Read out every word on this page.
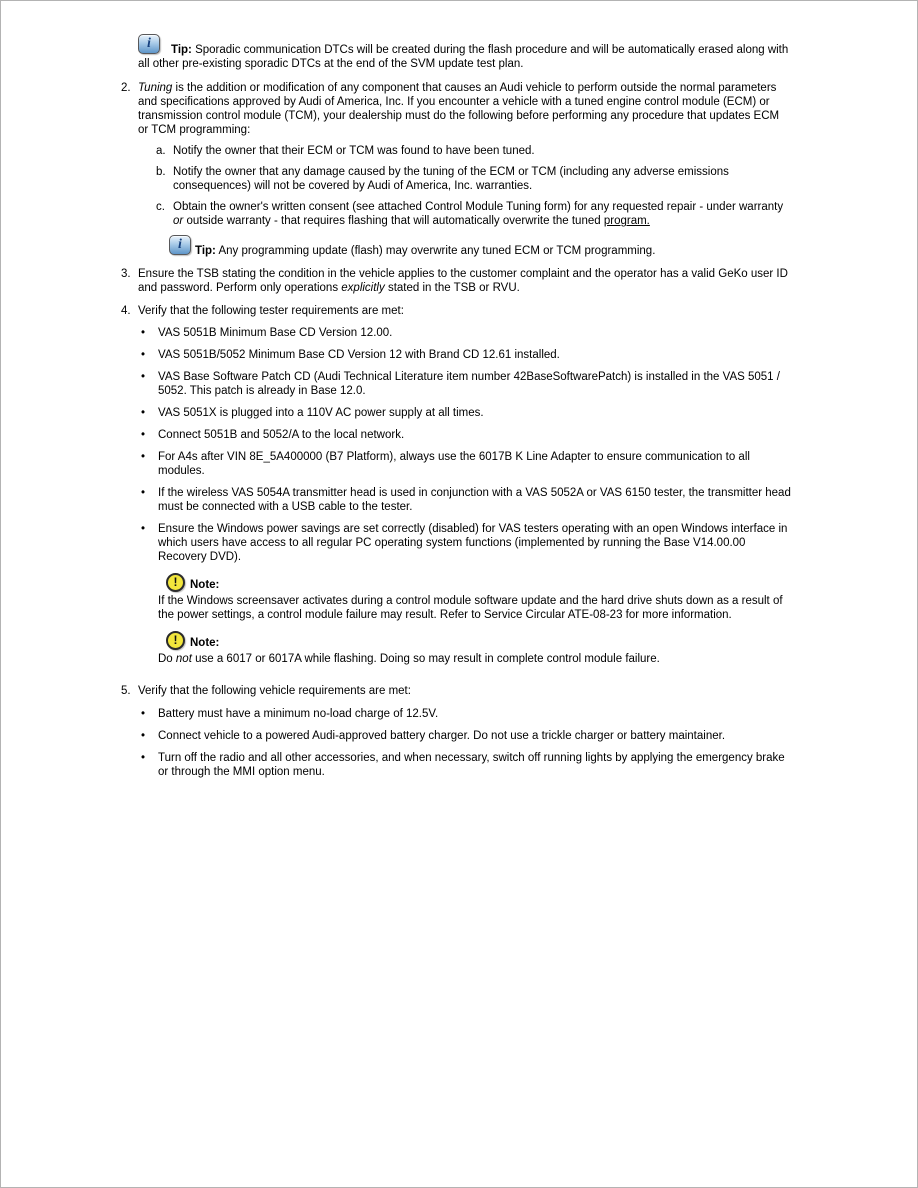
i	Tip: Sporadic communication DTCs will be created during the flash procedure and will be automatically erased along with all other pre-existing sporadic DTCs at the end of the SVM update test plan.

2. Tuning is the addition or modification of any component that causes an Audi vehicle to perform outside the normal parameters and specifications approved by Audi of America, Inc. If you encounter a vehicle with a tuned engine control module (ECM) or transmission control module (TCM), your dealership must do the following before performing any procedure that updates ECM or TCM programming:

a. Notify the owner that their ECM or TCM was found to have been tuned.

b. Notify the owner that any damage caused by the tuning of the ECM or TCM (including any adverse emissions consequences) will not be covered by Audi of America, Inc. warranties.

c. Obtain the owner's written consent (see attached Control Module Tuning form) for any requested repair - under warranty or outside warranty - that requires flashing that will automatically overwrite the tuned program.

i	Tip: Any programming update (flash) may overwrite any tuned ECM or TCM programming.

3. Ensure the TSB stating the condition in the vehicle applies to the customer complaint and the operator has a valid GeKo user ID and password. Perform only operations explicitly stated in the TSB or RVU.

4. Verify that the following tester requirements are met:

•

VAS 5051B Minimum Base CD Version 12.00.

•

VAS 5051B/5052 Minimum Base CD Version 12 with Brand CD 12.61 installed.

•

VAS Base Software Patch CD (Audi Technical Literature item number 42BaseSoftwarePatch) is installed in the VAS 5051 / 5052. This patch is already in Base 12.0.

•

VAS 5051X is plugged into a 110V AC power supply at all times.

•

Connect 5051B and 5052/A to the local network.

•

For A4s after VIN 8E_5A400000 (B7 Platform), always use the 6017B K Line Adapter to ensure communication to all modules.

•

If the wireless VAS 5054A transmitter head is used in conjunction with a VAS 5052A or VAS 6150 tester, the transmitter head must be connected with a USB cable to the tester.

•

Ensure the Windows power savings are set correctly (disabled) for VAS testers operating with an open Windows interface in which users have access to all regular PC operating system functions (implemented by running the Base V14.00.00 Recovery DVD).

!	Note:

If the Windows screensaver activates during a control module software update and the hard drive shuts down as a result of the power settings, a control module failure may result. Refer to Service Circular ATE-08-23 for more information.

!	Note:

Do not use a 6017 or 6017A while flashing. Doing so may result in complete control module failure.

5. Verify that the following vehicle requirements are met:

•

Battery must have a minimum no-load charge of 12.5V.

•

Connect vehicle to a powered Audi-approved battery charger. Do not use a trickle charger or battery maintainer.

•

Turn off the radio and all other accessories, and when necessary, switch off running lights by applying the emergency brake or through the MMI option menu.
